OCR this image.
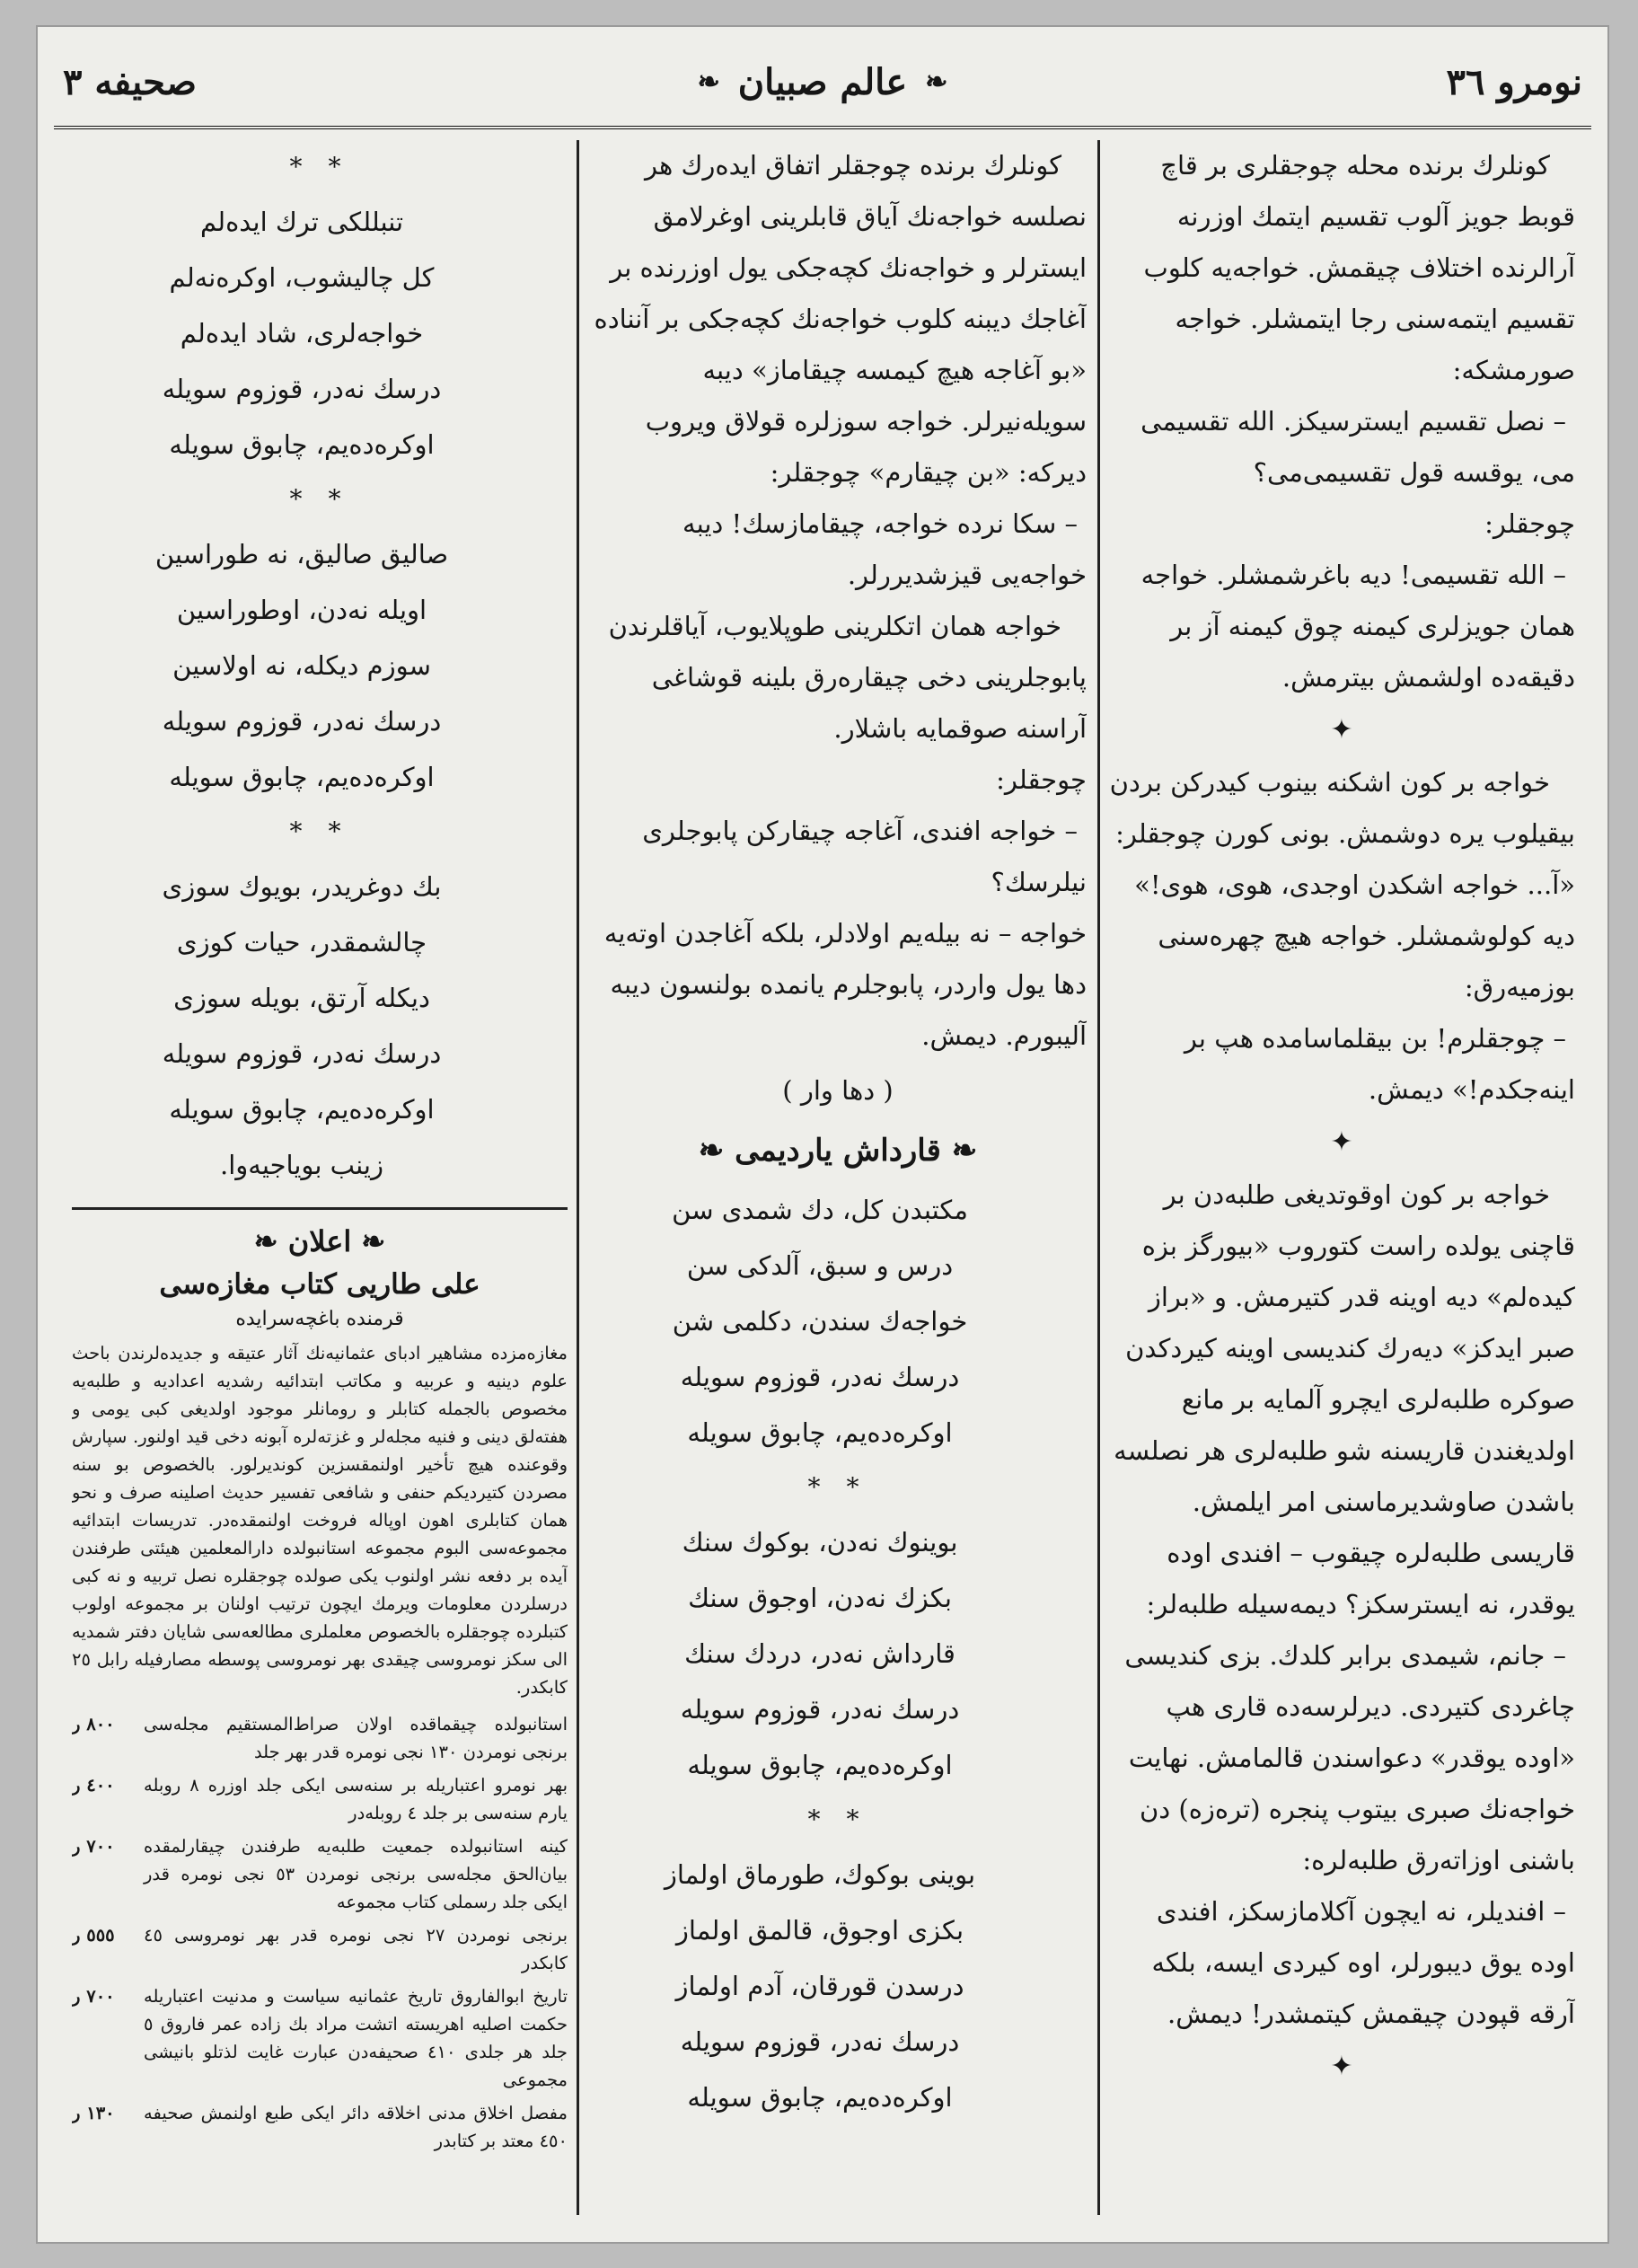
نومرو ٣٦
❧
عالم صبيان
❧
صحيفه ٣

كونلرك برنده محله چوجقلرى بر قاچ قوبط جويز آلوب تقسيم ايتمك اوزرنه آرالرنده اختلاف چيقمش. خواجه‌يه كلوب تقسيم ايتمه‌سنى رجا ايتمشلر. خواجه صورمشكه:

– نصل تقسيم ايسترسيكز. الله تقسيمى مى، يوقسه قول تقسيمى‌مى؟

چوجقلر:

– الله تقسيمى! ديه باغرشمشلر. خواجه همان جويزلرى كيمنه چوق كيمنه آز بر دقيقه‌ده اولشمش بيترمش.

✦

خواجه بر كون اشكنه بينوب كيدركن بردن بيقيلوب يره دوشمش. بونى كورن چوجقلر: «آ... خواجه اشكدن اوجدى، هوى، هوى!» ديه كولوشمشلر. خواجه هيچ چهره‌سنى بوزميه‌رق:

– چوجقلرم! بن بيقلماسامده هپ بر اينه‌جكدم!» ديمش.

✦

خواجه بر كون اوقوتديغى طلبه‌دن بر قاچنى يولده راست كتوروب «بيورگز بزه كيده‌لم» ديه اوينه قدر كتيرمش. و «براز صبر ايدكز» ديه‌رك كنديسى اوينه كيردكدن صوكره طلبه‌لرى ايچرو آلمايه بر مانع اولديغندن قاريسنه شو طلبه‌لرى هر نصلسه باشدن صاوشديرماسنى امر ايلمش. قاريسى طلبه‌لره چيقوب – افندى اوده يوقدر، نه ايسترسكز؟ ديمه‌سيله طلبه‌لر:

– جانم، شيمدى برابر كلدك. بزى كنديسى چاغردى كتيردى. ديرلرسه‌ده قارى هپ «اوده يوقدر» دعواسندن قالمامش. نهايت خواجه‌نك صبرى بيتوب پنجره (ترەزه) دن باشنى اوزاته‌رق طلبه‌لره:

– افنديلر، نه ايچون آكلامازسكز، افندى اوده يوق ديبورلر، اوه كيردى ايسه، بلكه آرقه قپودن چيقمش كيتمشدر! ديمش.

✦

كونلرك برنده چوجقلر اتفاق ايده‌رك هر نصلسه خواجه‌نك آياق قابلرينى اوغرلامق ايسترلر و خواجه‌نك كچه‌جكى يول اوزرنده بر آغاجك ديبنه كلوب خواجه‌نك كچه‌جكى بر آنناده «بو آغاجه هيچ كيمسه چيقاماز» ديبه سويله‌نيرلر. خواجه سوزلره قولاق ويروب ديركه: «بن چيقارم» چوجقلر:

– سكا نرده خواجه، چيقامازسك! ديبه خواجه‌يى قيزشديررلر.

خواجه همان اتكلرينى طوپلايوب، آياقلرندن پابوجلرينى دخى چيقاره‌رق بلينه قوشاغى آراسنه صوقمايه باشلار.

چوجقلر:

– خواجه افندى، آغاجه چيقاركن پابوجلرى نيلرسك؟

خواجه – نه بيله‌يم اولادلر، بلكه آغاجدن اوته‌يه دها يول واردر، پابوجلرم يانمده بولنسون ديبه آليبورم. ديمش.

( دها وار )

❧ قارداش يارديمى ❧
مكتبدن كل، دك شمدى سن
درس و سبق، آلدكى سن
خواجه‌ك سندن، دكلمى شن
درسك نه‌در، قوزوم سويله
اوكره‌ده‌يم، چابوق سويله
* *
بوينوك نه‌دن، بوكوك سنك
بكزك نه‌دن، اوجوق سنك
قارداش نه‌در، دردك سنك
درسك نه‌در، قوزوم سويله
اوكره‌ده‌يم، چابوق سويله
* *
بوينى بوكوك، طورماق اولماز
بكزى اوجوق، قالمق اولماز
درسدن قورقان، آدم اولماز
درسك نه‌در، قوزوم سويله
اوكره‌ده‌يم، چابوق سويله
* *
تنبللكى ترك ايده‌لم
كل چاليشوب، اوكره‌نه‌لم
خواجه‌لرى، شاد ايده‌لم
درسك نه‌در، قوزوم سويله
اوكره‌ده‌يم، چابوق سويله
* *
صاليق صاليق، نه طوراسين
اويله نه‌دن، اوطوراسين
سوزم ديكله، نه اولاسين
درسك نه‌در، قوزوم سويله
اوكره‌ده‌يم، چابوق سويله
* *
بك دوغريدر، بويوك سوزى
چالشمقدر، حيات كوزى
ديكله آرتق، بويله سوزى
درسك نه‌در، قوزوم سويله
اوكره‌ده‌يم، چابوق سويله
زينب بوياجيه‌وا.
❧ اعلان ❧
على طاريى كتاب مغازه‌سى
قرمنده باغچه‌سرايده
مغازەمزده مشاهير ادباى عثمانيه‌نك آثار عتيقه و جديده‌لرندن باحث علوم دينيه و عربيه و مكاتب ابتدائيه رشديه اعداديه و طلبه‌يه مخصوص بالجمله كتابلر و رومانلر موجود اولديغى كبى يومى و هفته‌لق دينى و فنيه مجله‌لر و غزته‌لره آبونه دخى قيد اولنور. سپارش وقوعنده هيچ تأخير اولنمقسزين كونديرلور. بالخصوص بو سنه مصردن كتيرديكم حنفى و شافعى تفسير حديث اصلينه صرف و نحو همان كتابلرى اهون اوپاله فروخت اولنمقده‌در. تدريسات ابتدائيه مجموعه‌سى البوم مجموعه استانبولده دارالمعلمين هيئتى طرفندن آيده بر دفعه نشر اولنوب يكى صولده چوجقلره نصل تربيه و نه كبى درسلردن معلومات ويرمك ايچون ترتيب اولنان بر مجموعه اولوب كتبلرده چوجقلره بالخصوص معلملرى مطالعه‌سى شايان دفتر شمديه الى سكز نومروسى چيقدى بهر نومروسى پوسطه مصارفيله رابل ٢٥ كابكدر.
استانبولده چيقماقده اولان صراط‌المستقيم مجله‌سى برنجى نومردن ١٣٠ نجى نومره قدر بهر جلد
٨٠٠ ر
بهر نومرو اعتباريله بر سنه‌سى ايكى جلد اوزره ٨ روبله يارم سنه‌سى بر جلد ٤ روبله‌در
٤٠٠ ر
كينه استانبولده جمعيت طلبه‌يه طرفندن چيقارلمقده بيان‌الحق مجله‌سى برنجى نومردن ٥٣ نجى نومره قدر ايكى جلد رسملى كتاب مجموعه
٧٠٠ ر
برنجى نومردن ٢٧ نجى نومره قدر بهر نومروسى ٤٥ كابكدر
٥٥٥ ر
تاريخ ابوالفاروق تاريخ عثمانيه سياست و مدنيت اعتباريله حكمت اصليه اهريسته اتشت مراد بك زاده عمر فاروق ٥ جلد هر جلدى ٤١٠ صحيفه‌دن عبارت غايت لذتلو بانيشى مجموعى
٧٠٠ ر
مفصل اخلاق مدنى اخلاقه دائر ايكى طبع اولنمش صحيفه ٤٥٠ معتد بر كتابدر
١٣٠ ر
